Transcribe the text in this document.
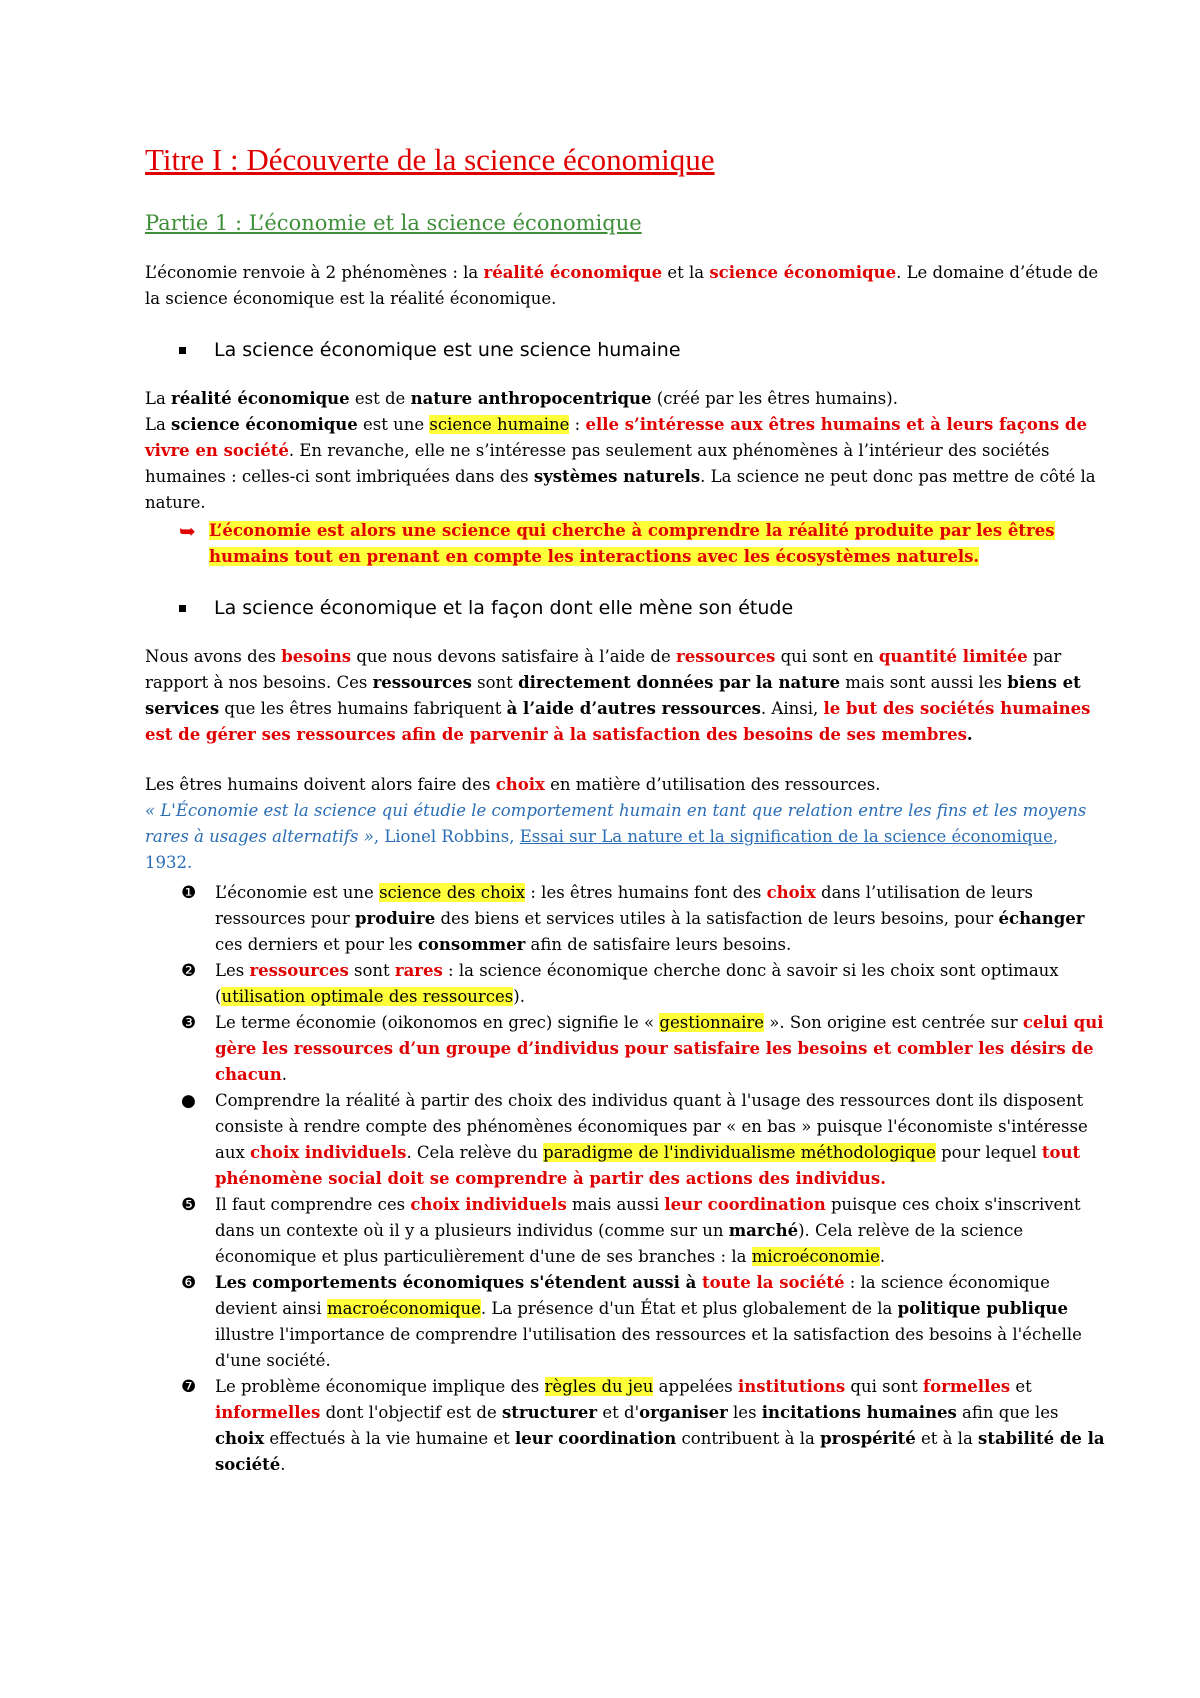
Titre I : Découverte de la science économique
Partie 1 : L’économie et la science économique

L’économie renvoie à 2 phénomènes : la réalité économique et la science économique. Le domaine d’étude de la science économique est la réalité économique.

La science économique est une science humaine

La réalité économique est de nature anthropocentrique (créé par les êtres humains).

La science économique est une science humaine : elle s’intéresse aux êtres humains et à leurs façons de vivre en société. En revanche, elle ne s’intéresse pas seulement aux phénomènes à l’intérieur des sociétés humaines : celles-ci sont imbriquées dans des systèmes naturels. La science ne peut donc pas mettre de côté la nature.

➥ L’économie est alors une science qui cherche à comprendre la réalité produite par les êtres humains tout en prenant en compte les interactions avec les écosystèmes naturels.
La science économique et la façon dont elle mène son étude

Nous avons des besoins que nous devons satisfaire à l’aide de ressources qui sont en quantité limitée par rapport à nos besoins. Ces ressources sont directement données par la nature mais sont aussi les biens et services que les êtres humains fabriquent à l’aide d’autres ressources. Ainsi, le but des sociétés humaines est de gérer ses ressources afin de parvenir à la satisfaction des besoins de ses membres.

Les êtres humains doivent alors faire des choix en matière d’utilisation des ressources.

« L'Économie est la science qui étudie le comportement humain en tant que relation entre les fins et les moyens rares à usages alternatifs », Lionel Robbins, Essai sur La nature et la signification de la science économique, 1932.

❶	L’économie est une science des choix : les êtres humains font des choix dans l’utilisation de leurs ressources pour produire des biens et services utiles à la satisfaction de leurs besoins, pour échanger ces derniers et pour les consommer afin de satisfaire leurs besoins.
❷	Les ressources sont rares : la science économique cherche donc à savoir si les choix sont optimaux (utilisation optimale des ressources).
❸	Le terme économie (oikonomos en grec) signifie le « gestionnaire ». Son origine est centrée sur celui qui gère les ressources d’un groupe d’individus pour satisfaire les besoins et combler les désirs de chacun.
●	Comprendre la réalité à partir des choix des individus quant à l'usage des ressources dont ils disposent consiste à rendre compte des phénomènes économiques par « en bas » puisque l'économiste s'intéresse aux choix individuels. Cela relève du paradigme de l'individualisme méthodologique pour lequel tout phénomène social doit se comprendre à partir des actions des individus.
❺	Il faut comprendre ces choix individuels mais aussi leur coordination puisque ces choix s'inscrivent dans un contexte où il y a plusieurs individus (comme sur un marché). Cela relève de la science économique et plus particulièrement d'une de ses branches : la microéconomie.
❻	Les comportements économiques s'étendent aussi à toute la société : la science économique devient ainsi macroéconomique. La présence d'un État et plus globalement de la politique publique illustre l'importance de comprendre l'utilisation des ressources et la satisfaction des besoins à l'échelle d'une société.
❼	Le problème économique implique des règles du jeu appelées institutions qui sont formelles et informelles dont l'objectif est de structurer et d'organiser les incitations humaines afin que les choix effectués à la vie humaine et leur coordination contribuent à la prospérité et à la stabilité de la société.
